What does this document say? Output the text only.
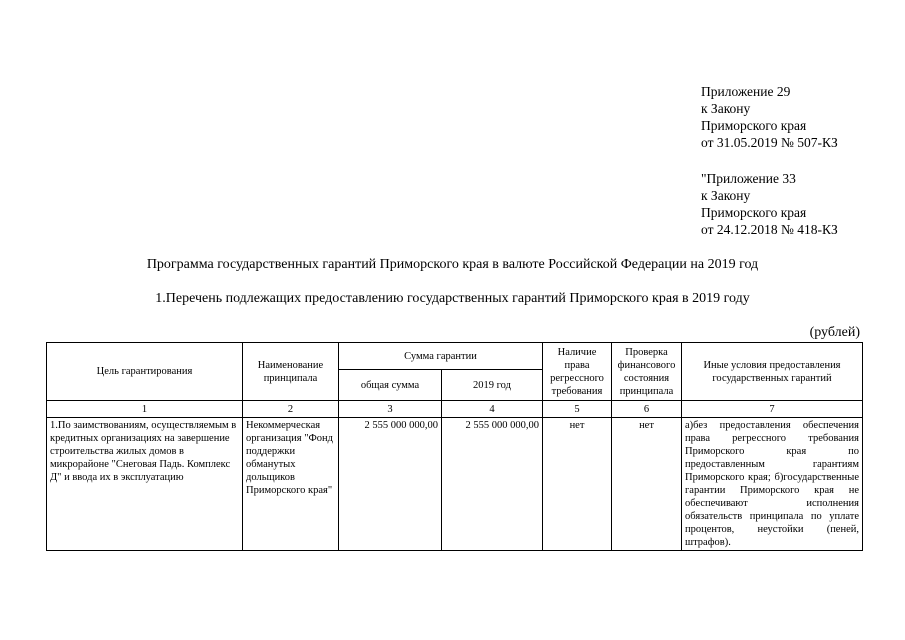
Приложение 29
к Закону
Приморского края
от 31.05.2019 № 507-КЗ
"Приложение 33
к Закону
Приморского края
от 24.12.2018 № 418-КЗ
Программа государственных гарантий Приморского края в валюте Российской Федерации на 2019 год
1.Перечень подлежащих предоставлению государственных гарантий Приморского края в 2019 году
(рублей)
Цель гарантирования	Наименование принципала	Сумма гарантии		Наличие права регрессного требования	Проверка финансового состояния принципала	Иные условия предоставления государственных гарантий
		общая сумма	2019 год			
1	2	3	4	5	6	7
1.По заимствованиям, осуществляемым в кредитных организациях на завершение строительства жилых домов в микрорайоне "Снеговая Падь. Комплекс Д" и ввода их в эксплуатацию	Некоммерческая организация "Фонд поддержки обманутых дольщиков Приморского края"	2 555 000 000,00	2 555 000 000,00	нет	нет	а)без предоставления обеспечения права регрессного требования Приморского края по предоставленным гарантиям Приморского края; б)государственные гарантии Приморского края не обеспечивают исполнения обязательств принципала по уплате процентов, неустойки (пеней, штрафов).
